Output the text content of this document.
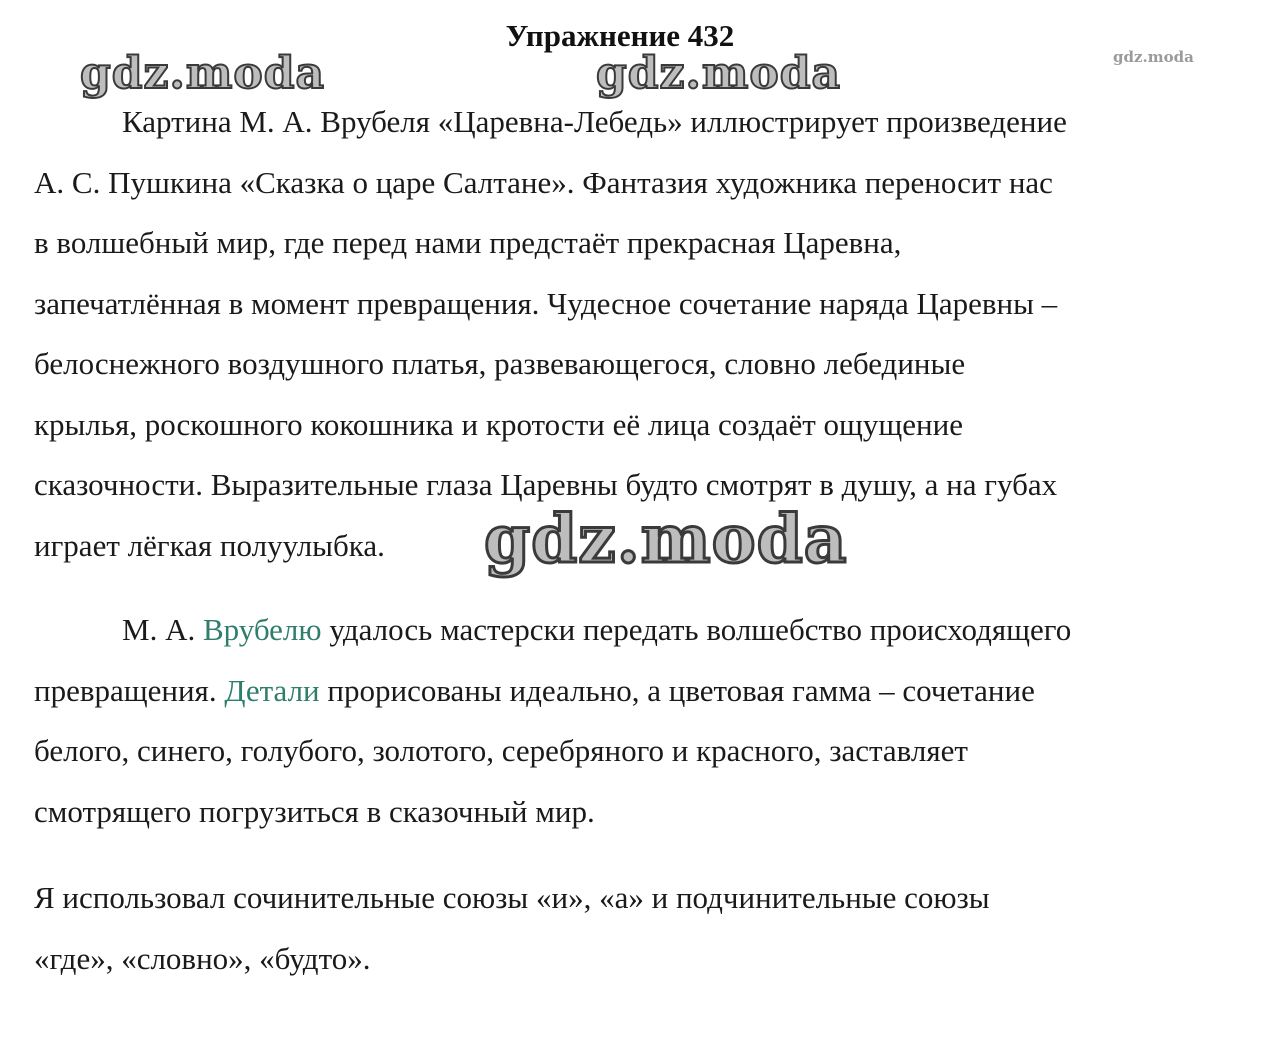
Упражнение 432
gdz.moda	gdz.moda	gdz.moda

Картина М. А. Врубеля «Царевна-Лебедь» иллюстрирует произведение
А. С. Пушкина «Сказка о царе Салтане». Фантазия художника переносит нас
в волшебный мир, где перед нами предстаёт прекрасная Царевна,
запечатлённая в момент превращения. Чудесное сочетание наряда Царевны –
белоснежного воздушного платья, развевающегося, словно лебединые
крылья, роскошного кокошника и кротости её лица создаёт ощущение
сказочности. Выразительные глаза Царевны будто смотрят в душу, а на губах
играет лёгкая полуулыбка.

М. А. Врубелю удалось мастерски передать волшебство происходящего
превращения. Детали прорисованы идеально, а цветовая гамма – сочетание
белого, синего, голубого, золотого, серебряного и красного, заставляет
смотрящего погрузиться в сказочный мир.

Я использовал сочинительные союзы «и», «а» и подчинительные союзы
«где», «словно», «будто».

gdz.moda
